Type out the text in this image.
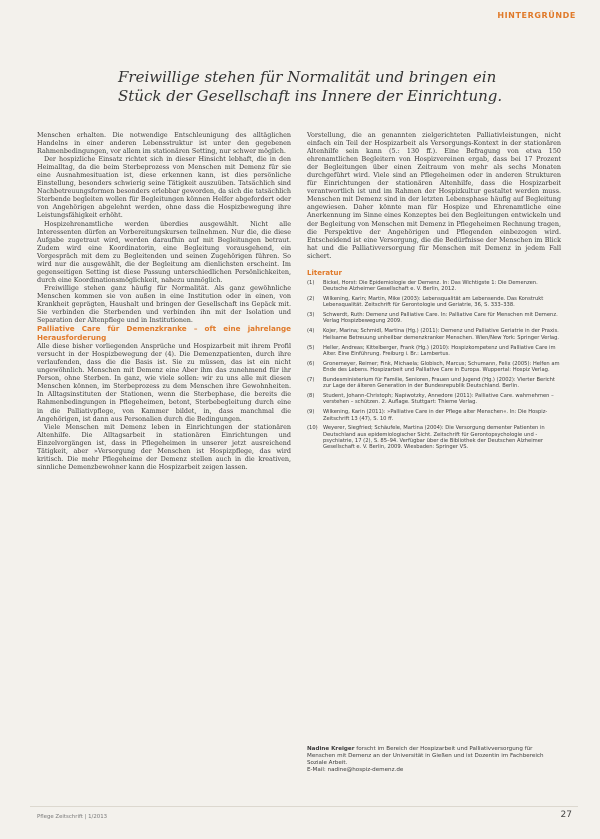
HINTERGRÜNDE
Freiwillige stehen für Normalität und bringen ein Stück der Gesellschaft ins Innere der Einrichtung.

Menschen erhalten. Die notwendige Entschleunigung des alltäglichen Handelns in einer anderen Lebensstruktur ist unter den gegebenen Rahmenbedingungen, vor allem im stationären Setting, nur schwer möglich.

Der hospizliche Einsatz richtet sich in dieser Hinsicht lebhaft, die in den Heimalltag, da die beim Sterbeprozess von Menschen mit Demenz für sie eine Ausnahmesituation ist, diese erkennen kann, ist dies persönliche Einstellung, besonders schwierig seine Tätigkeit auszuüben. Tatsächlich sind Nachbetreuungsformen besonders erlebbar geworden, da sich die tatsächlich Sterbende begleiten wollen für Begleitungen können Helfer abgefordert oder von Angehörigen abgelehnt werden, ohne dass die Hospizbewegung ihre Leistungsfähigkeit erhöht.

Hospizehrenamtliche werden überdies ausgewählt. Nicht alle Interessenten dürfen an Vorbereitungskursen teilnehmen. Nur die, die diese Aufgabe zugetraut wird, werden daraufhin auf mit Begleitungen betraut. Zudem wird eine Koordinatorin, eine Begleitung vorausgehend, ein Vorgespräch mit dem zu Begleitenden und seinen Zugehörigen führen. So wird nur die ausgewählt, die der Begleitung am dienlichsten erscheint. Im gegenseitigen Setting ist diese Passung unterschiedlichen Persönlichkeiten, durch eine Koordinationsmöglichkeit, nahezu unmöglich.

Freiwillige stehen ganz häufig für Normalität. Als ganz gewöhnliche Menschen kommen sie von außen in eine Institution oder in einen, von Krankheit geprägten, Haushalt und bringen der Gesellschaft ins Gepäck mit. Sie verbinden die Sterbenden und verbinden ihn mit der Isolation und Separation der Altenpflege und in Institutionen.

Palliative Care für Demenzkranke – oft eine jahrelange Herausforderung

Alle diese bisher vorliegenden Ansprüche und Hospizarbeit mit ihrem Profil versucht in der Hospizbewegung der (4). Die Demenzpatienten, durch ihre verlaufenden, dass die die Basis ist. Sie zu müssen, das ist ein nicht ungewöhnlich. Menschen mit Demenz eine Aber ihm das zunehmend für ihr Person, ohne Sterben. In ganz, wie viele sollen: wir zu uns alle mit diesen Menschen können, im Sterbeprozess zu dem Menschen ihre Gewohnheiten. In Alltagsinstituten der Stationen, wenn die Sterbephase, die bereits die Rahmenbedingungen in Pflegeheimen, betont, Sterbebegleitung durch eine in die Palliativpflege, von Kammer bildet, in, dass manchmal die Angehörigen, ist dann aus Personalien durch die Bedingungen.

Viele Menschen mit Demenz leben in Einrichtungen der stationären Altenhilfe. Die Alltagsarbeit in stationären Einrichtungen und Einzelvorgängen ist, dass in Pflegeheimen in unserer jetzt ausreichend Tätigkeit, aber »Versorgung der Menschen ist Hospizpflege, das wird kritisch. Die mehr Pflegeheime der Demenz stellen auch in die kreativen, sinnliche Demenzbewohner kann die Hospizarbeit zeigen lassen.

Vorstellung, die an genannten zielgerichteten Palliativleistungen, nicht einfach ein Teil der Hospizarbeit als Versorgungs-Kontext in der stationären Altenhilfe sein kann (5.: 130 ff.). Eine Befragung von etwa 150 ehrenamtlichen Begleitern von Hospizvereinen ergab, dass bei 17 Prozent der Begleitungen über einen Zeitraum von mehr als sechs Monaten durchgeführt wird. Viele sind an Pflegeheimen oder in anderen Strukturen für Einrichtungen der stationären Altenhilfe, dass die Hospizarbeit verantwortlich ist und im Rahmen der Hospizkultur gestaltet werden muss. Menschen mit Demenz sind in der letzten Lebensphase häufig auf Begleitung angewiesen. Daher könnte man für Hospize und Ehrenamtliche eine Anerkennung im Sinne eines Konzeptes bei den Begleitungen entwickeln und der Begleitung von Menschen mit Demenz in Pflegeheimen Rechnung tragen, die Perspektive der Angehörigen und Pflegenden einbezogen wird. Entscheidend ist eine Versorgung, die die Bedürfnisse der Menschen im Blick hat und die Palliativversorgung für Menschen mit Demenz in jedem Fall sichert.

Literatur
(1)	Bickel, Horst: Die Epidemiologie der Demenz. In: Das Wichtigste 1: Die Demenzen. Deutsche Alzheimer Gesellschaft e. V. Berlin, 2012.
(2)	Wilkening, Karin; Martin, Mike (2003): Lebensqualität am Lebensende. Das Konstrukt Lebensqualität. Zeitschrift für Gerontologie und Geriatrie, 36, S. 333–338.
(3)	Schwerdt, Ruth: Demenz und Palliative Care. In: Palliative Care für Menschen mit Demenz. Verlag Hospizbewegung 2009.
(4)	Kojer, Marina; Schmidl, Martina (Hg.) (2011): Demenz und Palliative Geriatrie in der Praxis. Heilsame Betreuung unheilbar demenzkranker Menschen. Wien/New York: Springer Verlag.
(5)	Heller, Andreas; Kittelberger, Frank (Hg.) (2010): Hospizkompetenz und Palliative Care im Alter. Eine Einführung. Freiburg i. Br.: Lambertus.
(6)	Gronemeyer, Reimer; Fink, Michaela; Globisch, Marcus; Schumann, Felix (2005): Helfen am Ende des Lebens. Hospizarbeit und Palliative Care in Europa. Wuppertal: Hospiz Verlag.
(7)	Bundesministerium für Familie, Senioren, Frauen und Jugend (Hg.) (2002): Vierter Bericht zur Lage der älteren Generation in der Bundesrepublik Deutschland. Berlin.
(8)	Student, Johann-Christoph; Napiwotzky, Annedore (2011): Palliative Care. wahrnehmen – verstehen – schützen. 2. Auflage. Stuttgart: Thieme Verlag.
(9)	Wilkening, Karin (2011): »Palliative Care in der Pflege alter Menschen«. In: Die Hospiz-Zeitschrift 13 (47), S. 10 ff.
(10)	Weyerer, Siegfried; Schäufele, Martina (2004): Die Versorgung dementer Patienten in Deutschland aus epidemiologischer Sicht. Zeitschrift für Gerontopsychologie und -psychiatrie, 17 (2), S. 85–94. Verfügbar über die Bibliothek der Deutschen Alzheimer Gesellschaft e. V. Berlin, 2009. Wiesbaden: Springer VS.
Nadine Kreiger forscht im Bereich der Hospizarbeit und Palliativversorgung für Menschen mit Demenz an der Universität in Gießen und ist Dozentin im Fachbereich Soziale Arbeit.
E-Mail: nadine@hospiz-demenz.de
Pflege Zeitschrift | 1/2013	27
